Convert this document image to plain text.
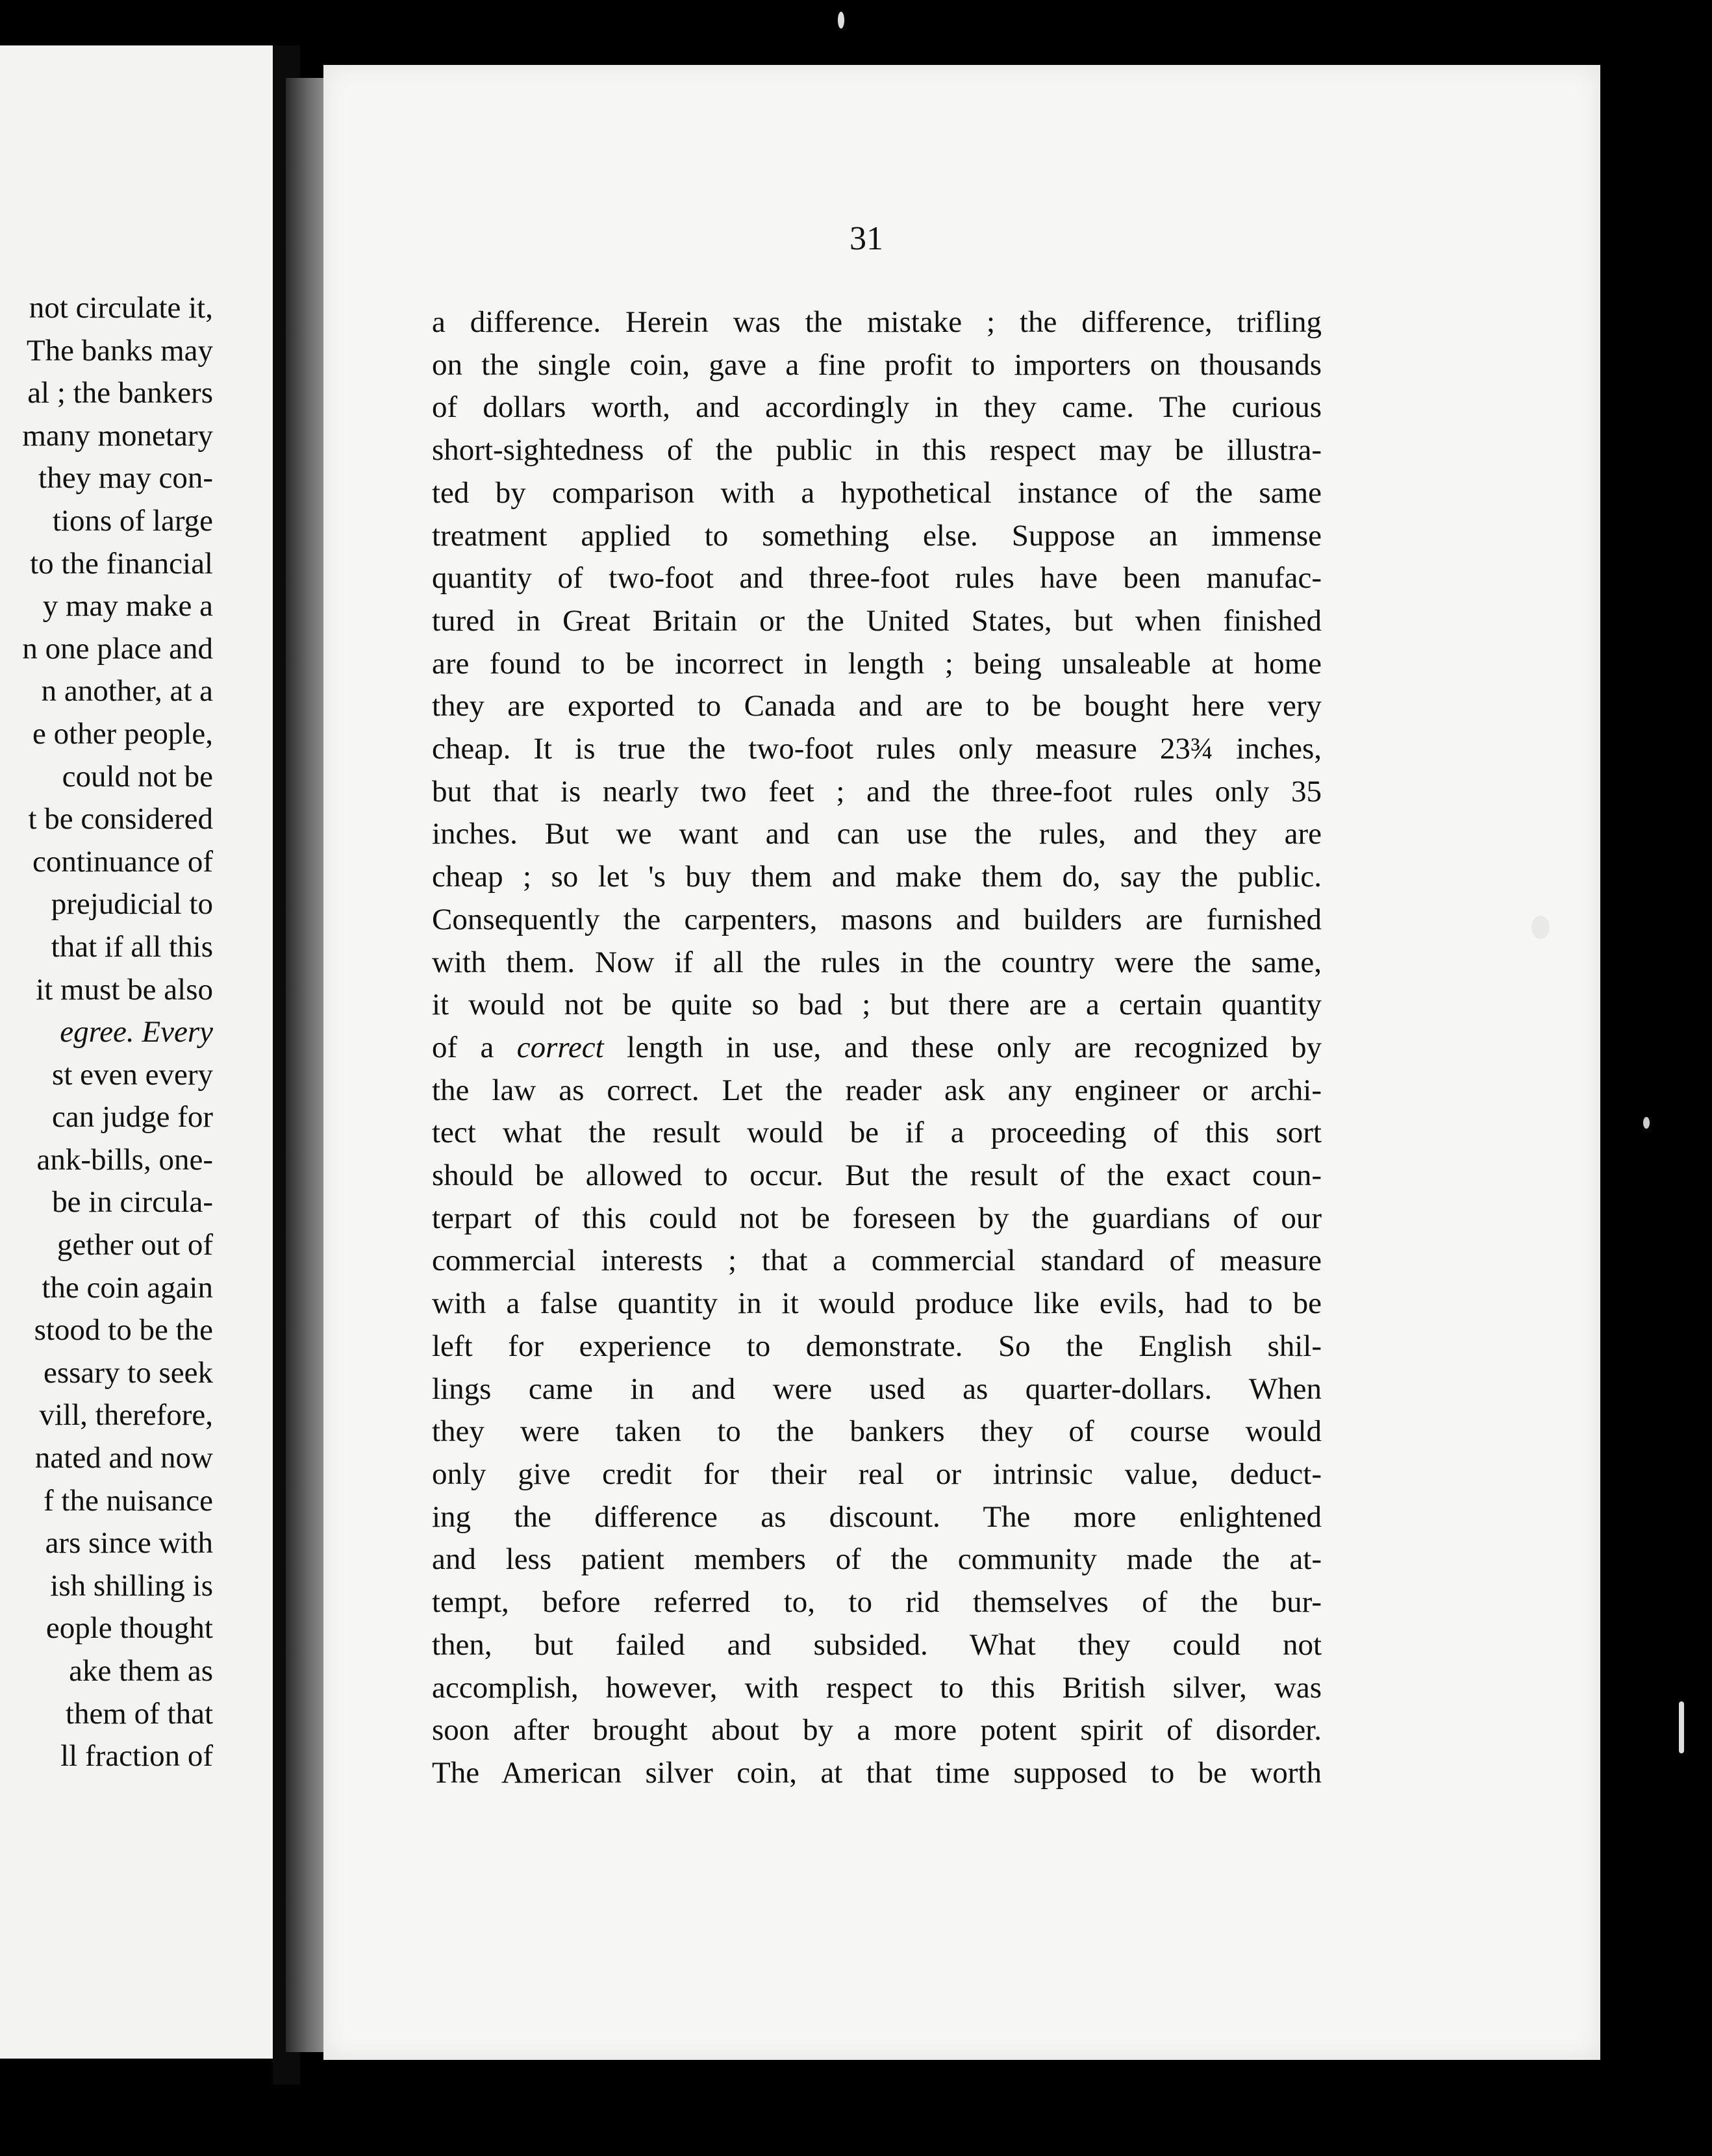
not circulate it,
The banks may
al ; the bankers
many monetary
they may con-
tions of large
to the financial
y may make a
n one place and
n another, at a
e other people,
could not be
t be considered
continuance of
prejudicial to
that if all this
it must be also
egree. Every
st even every
can judge for
ank-bills, one-
be in circula-
gether out of
the coin again
stood to be the
essary to seek
vill, therefore,
nated and now
f the nuisance
ars since with
ish shilling is
eople thought
ake them as
them of that
ll fraction of

31

a difference. Herein was the mistake ; the difference, trifling
on the single coin, gave a fine profit to importers on thousands
of dollars worth, and accordingly in they came. The curious
short-sightedness of the public in this respect may be illustra-
ted by comparison with a hypothetical instance of the same
treatment applied to something else. Suppose an immense
quantity of two-foot and three-foot rules have been manufac-
tured in Great Britain or the United States, but when finished
are found to be incorrect in length ; being unsaleable at home
they are exported to Canada and are to be bought here very
cheap. It is true the two-foot rules only measure 23¾ inches,
but that is nearly two feet ; and the three-foot rules only 35
inches. But we want and can use the rules, and they are
cheap ; so let 's buy them and make them do, say the public.
Consequently the carpenters, masons and builders are furnished
with them. Now if all the rules in the country were the same,
it would not be quite so bad ; but there are a certain quantity
of a correct length in use, and these only are recognized by
the law as correct. Let the reader ask any engineer or archi-
tect what the result would be if a proceeding of this sort
should be allowed to occur. But the result of the exact coun-
terpart of this could not be foreseen by the guardians of our
commercial interests ; that a commercial standard of measure
with a false quantity in it would produce like evils, had to be
left for experience to demonstrate. So the English shil-
lings came in and were used as quarter-dollars. When
they were taken to the bankers they of course would
only give credit for their real or intrinsic value, deduct-
ing the difference as discount. The more enlightened
and less patient members of the community made the at-
tempt, before referred to, to rid themselves of the bur-
then, but failed and subsided. What they could not
accomplish, however, with respect to this British silver, was
soon after brought about by a more potent spirit of disorder.
The American silver coin, at that time supposed to be worth
